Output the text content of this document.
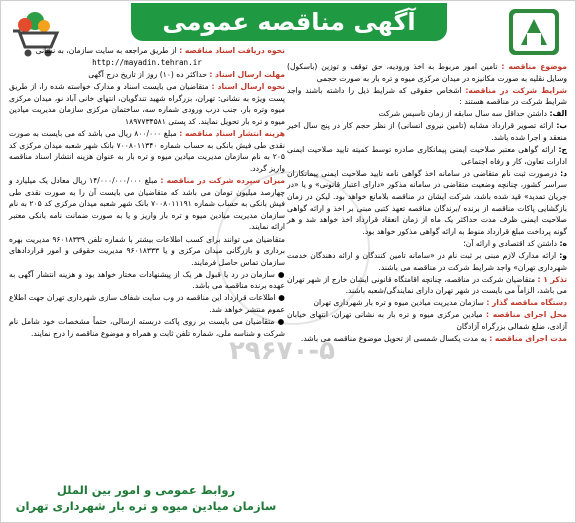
آگهی مناقصه عمومی
۲۹۶۷۰-۵

موضوع مناقصه : تامین امور مربوط به اخذ ورودیه، حق توقف و توزین (باسکول) وسایل نقلیه به صورت مکانیزه در میدان مرکزی میوه و تره بار به صورت حجمی

شرایط شرکت در مناقصه: اشخاص حقوقی که شرایط ذیل را داشته باشند واجد شرایط شرکت در مناقصه هستند :

الف: داشتن حداقل سه سال سابقه از زمان تاسیس شرکت

ب: ارائه تصویر قرارداد مشابه (تامین نیروی انسانی) از نظر حجم کار در پنج سال اخیر منعقد و اجرا شده باشد.

ج: ارائه گواهی معتبر صلاحیت ایمنی پیمانکاری صادره توسط کمیته تایید صلاحیت ایمنی ادارات تعاون، کار و رفاه اجتماعی

د: درصورت ثبت نام متقاضی در سامانه اخذ گواهی نامه تایید صلاحیت ایمنی پیمانکاران سراسر کشور، چنانچه وضعیت متقاضی در سامانه مذکور «دارای اعتبار قانونی» و یا «در جریان تمدید» قید شده باشد، شرکت ایشان در مناقصه بلامانع خواهد بود. لیکن در زمان بازگشایی پاکات مناقصه از برنده /برندگان مناقصه تعهد کتبی مبنی بر اخذ و ارائه گواهی صلاحیت ایمنی ظرف مدت حداکثر یک ماه از زمان انعقاد قرارداد اخذ خواهد شد و هر گونه پرداخت مبلغ قرارداد منوط به ارائه گواهی مذکور خواهد بود.

ه: داشتن کد اقتصادی و ارائه آن؛

و: ارائه مدارک لازم مبنی بر ثبت نام در «سامانه تامین کنندگان و ارائه دهندگان خدمت شهرداری تهران» واجد شرایط شرکت در مناقصه می باشند.

تذکر ۱ : متقاضیان شرکت در مناقصه، چنانچه اقامتگاه قانونی ایشان خارج از شهر تهران می باشد، الزاماً می بایست در شهر تهران دارای نمایندگی/شعبه باشند.

دستگاه مناقصه گذار : سازمان مدیریت میادین میوه و تره بار شهرداری تهران

محل اجرای مناقصه : میادین مرکزی میوه و تره بار به نشانی تهران، انتهای خیابان آزادی، ضلع شمالی بزرگراه آزادگان

مدت اجرای مناقصه : به مدت یکسال شمسی از تحویل موضوع مناقصه می باشد.

نحوه دریافت اسناد مناقصه : از طریق مراجعه به سایت سازمان، به نشانی

http://mayadin.tehran.ir

مهلت ارسال اسناد : حداکثر ده (۱۰) روز از تاریخ درج آگهی

نحوه ارسال اسناد : متقاضیان می بایست اسناد و مدارک خواسته شده را، از طریق پست ویژه به نشانی: تهران، بزرگراه شهید تندگویان، انتهای خانی آباد نو، میدان مرکزی میوه وتره بار، جنب درب ورودی شماره سه، ساختمان مرکزی سازمان مدیریت میادین میوه و تره بار تحویل نمایند. کد پستی ۱۸۹۷۷۳۴۵۸۱

هزینه انتشار اسناد مناقصه : مبلغ ۸۰۰/۰۰۰ ریال می باشد که می بایست به صورت نقدی طی فیش بانکی به حساب شماره ۷۰۰۸۰۱۱۳۴۰ بانک شهر شعبه میدان مرکزی کد ۲۰۵ به نام سازمان مدیریت میادین میوه و تره بار به عنوان هزینه انتشار اسناد مناقصه واریز گردد.

میزان سپرده شرکت در مناقصه : مبلغ ۱۴/۰۰۰/۰۰۰/۰۰۰ ریال معادل یک میلیارد و چهارصد میلیون تومان می باشد که متقاضیان می بایست آن را به صورت نقدی طی فیش بانکی به حساب شماره ۷۰۰۸۰۱۱۱۹۱ بانک شهر شعبه میدان مرکزی کد ۲۰۵ به نام سازمان مدیریت میادین میوه و تره بار واریز و یا به صورت ضمانت نامه بانکی معتبر ارائه نمایند.

متقاضیان می توانند برای کسب اطلاعات بیشتر با شماره تلفن ۹۶۰۱۸۳۳۹ مدیریت بهره برداری و بازرگانی میدان مرکزی و یا ۹۶۰۱۸۳۳۳ مدیریت حقوقی و امور قراردادهای سازمان تماس حاصل فرمایند.

● سازمان در رد یا قبول هر یک از پیشنهادات مختار خواهد بود و هزینه انتشار آگهی به عهده برنده مناقصه می باشد.

● اطلاعات قرارداد این مناقصه در وب سایت شفاف سازی شهرداری تهران جهت اطلاع عموم منتشر خواهد شد.

● متقاضیان می بایست بر روی پاکت دربسته ارسالی، حتماً مشخصات خود شامل نام شرکت و شناسه ملی، شماره تلفن ثابت و همراه و موضوع مناقصه را درج نمایند.

روابط عمومی و امور بین الملل
سازمان میادین میوه و تره بار شهرداری تهران
